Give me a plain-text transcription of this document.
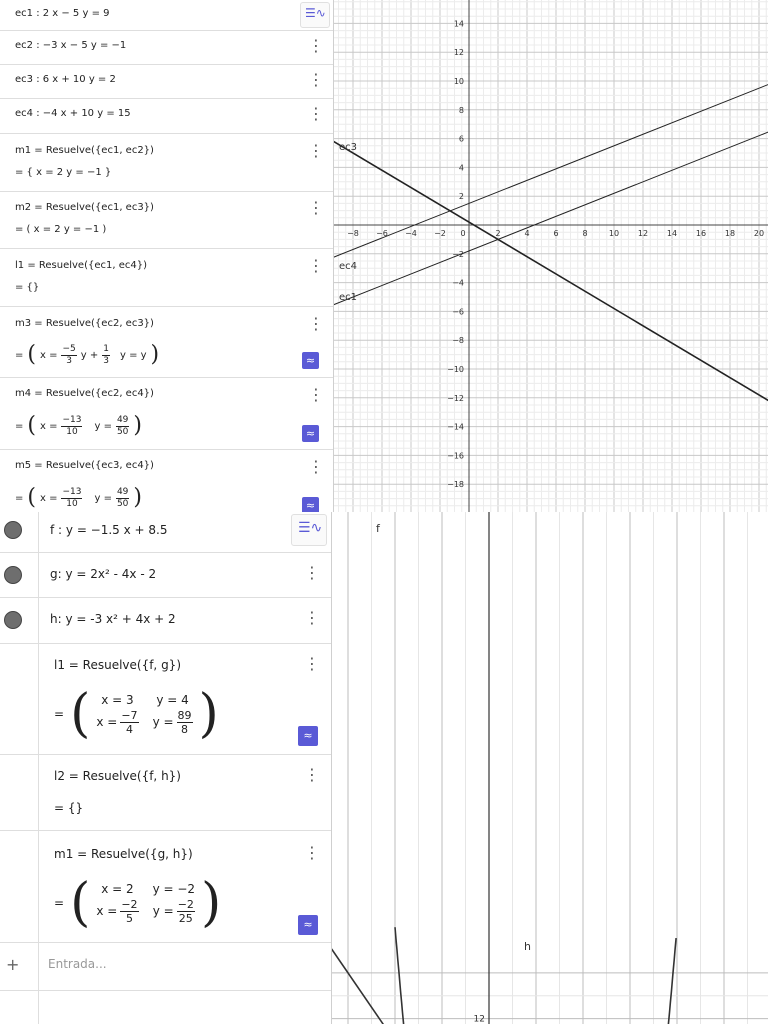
☰∿
ec1 : 2 x − 5 y = 9
ec2 : −3 x − 5 y = −1
⋮
ec3 : 6 x + 10 y = 2
⋮
ec4 : −4 x + 10 y = 15
⋮
m1 = Resuelve({ec1, ec2})
= { x = 2 y = −1 }
⋮
m2 = Resuelve({ec1, ec3})
= ( x = 2 y = −1 )
⋮
l1 = Resuelve({ec1, ec4})
= {}
⋮
m3 = Resuelve({ec2, ec3})
= ( $x = \frac{-5}{3}$ $y + \frac{1}{3}$ y = y )
⋮	≈
m4 = Resuelve({ec2, ec4})
= ( $x = \frac{-13}{10}$ $y = \frac{49}{50}$ )
⋮	≈
m5 = Resuelve({ec3, ec4})
= ( $x = \frac{-13}{10}$ $y = \frac{49}{50}$ )
⋮	≈
−8 −6 −4 −2 0	2	4	6	8	10 12 14 16 18 20
14
12
10
8
6
4
2
−2
−4
−6
−8
−10
−12
−14
−16
−18
ec3
ec4
ec1
☰∿
f : y = −1.5 x + 8.5
g: y = 2x² - 4x - 2
⋮
h: y = -3 x² + 4x + 2
⋮
l1 = Resuelve({f, g})
= ( x = 3 y = 4
$x = \frac{-7}{4}$ $y = \frac{89}{8}$ )
⋮	≈
l2 = Resuelve({f, h})
= {}
⋮
m1 = Resuelve({g, h})
= ( x = 2 y = −2
$x = \frac{-2}{5}$ $y = \frac{-2}{25}$ )
⋮	≈
+ Entrada...
12
f
h
